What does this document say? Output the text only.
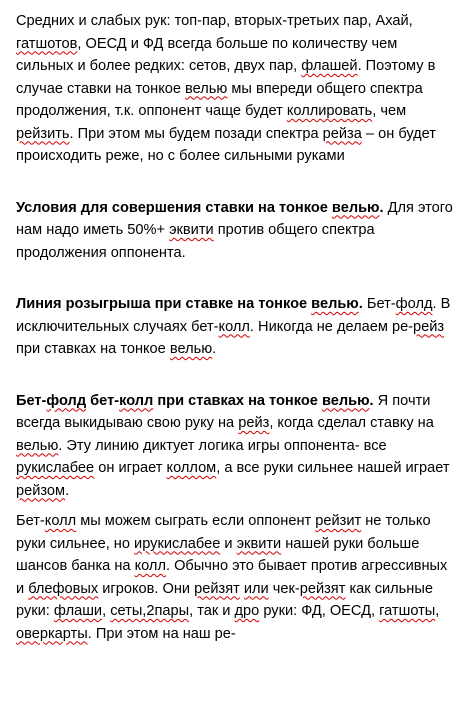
Средних и слабых рук: топ-пар, вторых-третьих пар, Ахай, гатшотов, ОЕСД и ФД всегда больше по количеству чем сильных и более редких: сетов, двух пар, флашей. Поэтому в случае ставки на тонкое велью мы впереди общего спектра продолжения, т.к. оппонент чаще будет коллировать, чем рейзить. При этом мы будем позади спектра рейза – он будет происходить реже, но с более сильными руками

Условия для совершения ставки на тонкое велью. Для этого нам надо иметь 50%+ эквити против общего спектра продолжения оппонента.

Линия розыгрыша при ставке на тонкое велью. Бет-фолд. В исключительных случаях бет-колл. Никогда не делаем ре-рейз при ставках на тонкое велью.

Бет-фолд бет-колл при ставках на тонкое велью. Я почти всегда выкидываю свою руку на рейз, когда сделал ставку на велью. Эту линию диктует логика игры оппонента- все рукислабее он играет коллом, а все руки сильнее нашей играет рейзом.

Бет-колл мы можем сыграть если оппонент рейзит не только руки сильнее, но ирукислабее и эквити нашей руки больше шансов банка на колл. Обычно это бывает против агрессивных и блефовых игроков. Они рейзят или чек-рейзят как сильные руки: флаши, сеты,2пары, так и дро руки: ФД, ОЕСД, гатшоты, оверкарты. При этом на наш ре-
